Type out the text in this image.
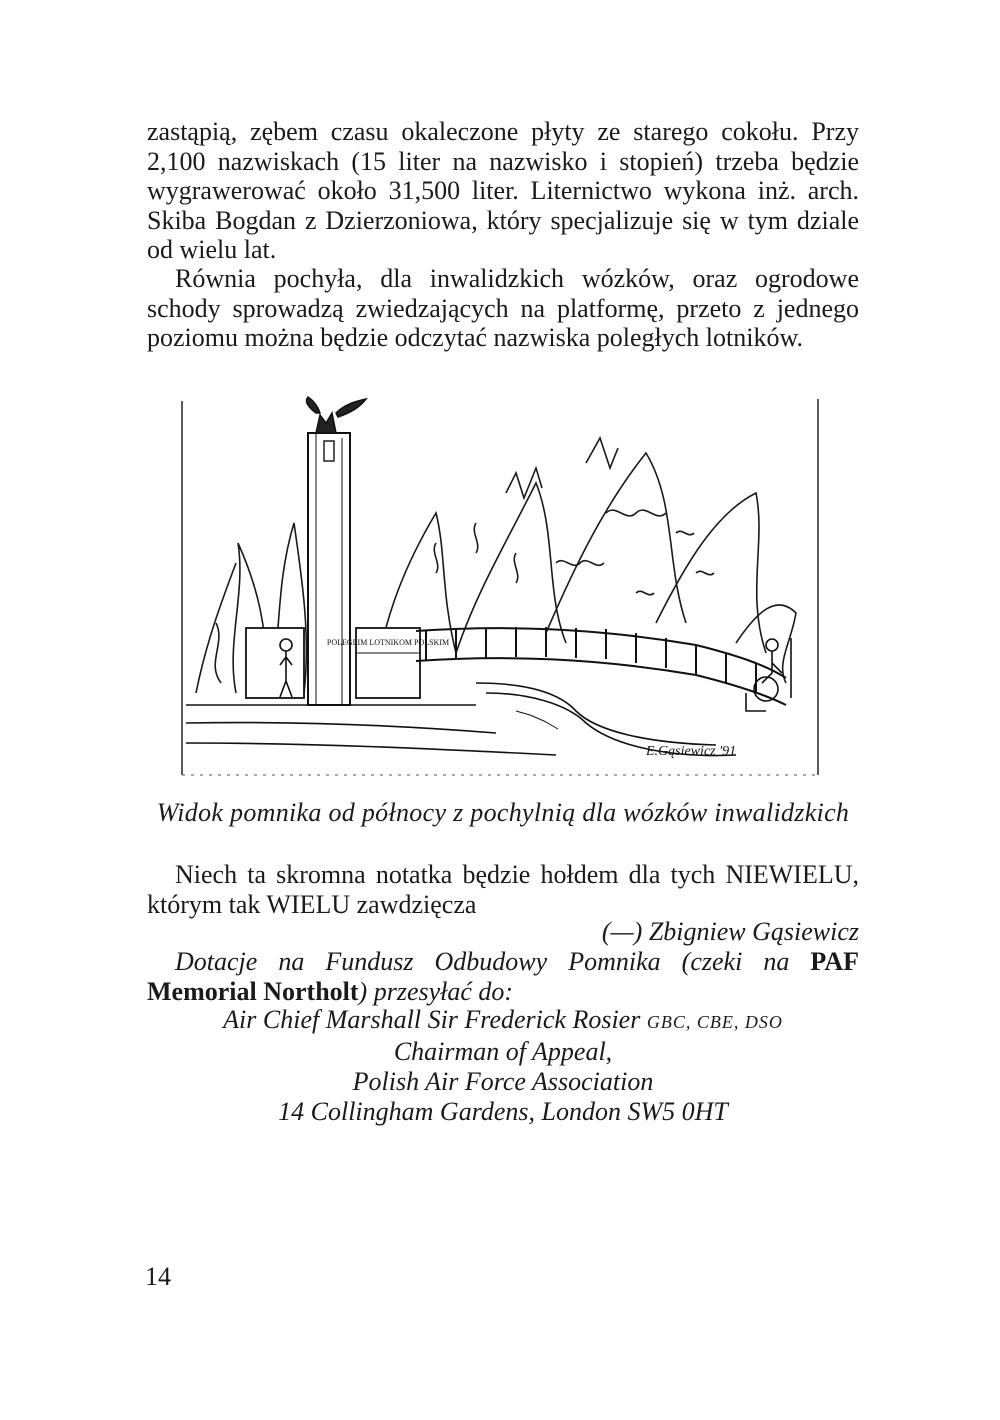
zastąpią, zębem czasu okaleczone płyty ze starego cokołu. Przy 2,100 nazwiskach (15 liter na nazwisko i stopień) trzeba będzie wygrawerować około 31,500 liter. Liternictwo wykona inż. arch. Skiba Bogdan z Dzierzoniowa, który specjalizuje się w tym dziale od wielu lat.

Równia pochyła, dla inwalidzkich wózków, oraz ogrodowe schody sprowadzą zwiedzających na platformę, przeto z jednego poziomu można będzie odczytać nazwiska poległych lotników.

POLEGLIM LOTNIKOM POLSKIM
E.Gąsiewicz '91
Widok pomnika od północy z pochylnią dla wózków inwalidzkich

Niech ta skromna notatka będzie hołdem dla tych NIEWIELU, którym tak WIELU zawdzięcza

(—) Zbigniew Gąsiewicz

Dotacje na Fundusz Odbudowy Pomnika (czeki na PAF Memorial Northolt) przesyłać do:

Air Chief Marshall Sir Frederick Rosier GBC, CBE, DSO
Chairman of Appeal,
Polish Air Force Association
14 Collingham Gardens, London SW5 0HT
14
